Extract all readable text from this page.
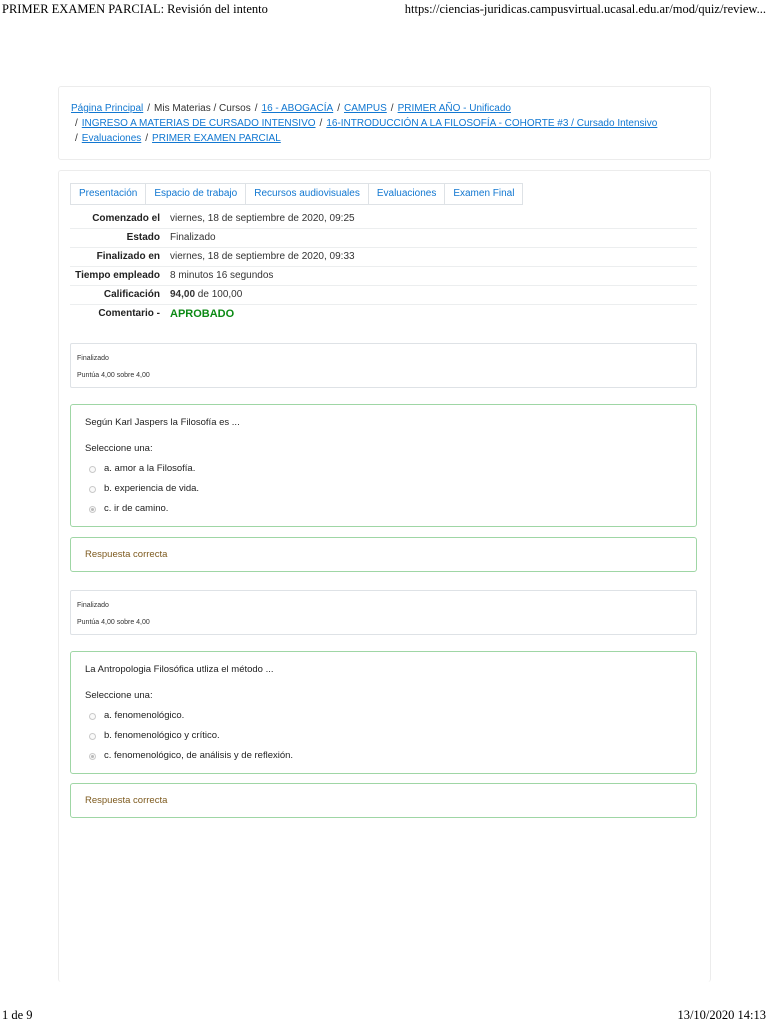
PRIMER EXAMEN PARCIAL: Revisión del intento	https://ciencias-juridicas.campusvirtual.ucasal.edu.ar/mod/quiz/review...
Página Principal / Mis Materias / Cursos / 16 - ABOGACÍA / CAMPUS / PRIMER AÑO - Unificado
/ INGRESO A MATERIAS DE CURSADO INTENSIVO / 16-INTRODUCCIÓN A LA FILOSOFÍA - COHORTE #3 / Cursado Intensivo
/ Evaluaciones / PRIMER EXAMEN PARCIAL
Presentación	Espacio de trabajo	Recursos audiovisuales	Evaluaciones	Examen Final
Comenzado el	viernes, 18 de septiembre de 2020, 09:25
Estado	Finalizado
Finalizado en	viernes, 18 de septiembre de 2020, 09:33
Tiempo empleado	8 minutos 16 segundos
Calificación	94,00 de 100,00
Comentario -	APROBADO
Finalizado
Puntúa 4,00 sobre 4,00
Según Karl Jaspers la Filosofía es ...
Seleccione una:
a. amor a la Filosofía.
b. experiencia de vida.
c. ir de camino.
Respuesta correcta
Finalizado
Puntúa 4,00 sobre 4,00
La Antropologia Filosófica utliza el método ...
Seleccione una:
a. fenomenológico.
b. fenomenológico y crítico.
c. fenomenológico, de análisis y de reflexión.
Respuesta correcta
1 de 9	13/10/2020 14:13
